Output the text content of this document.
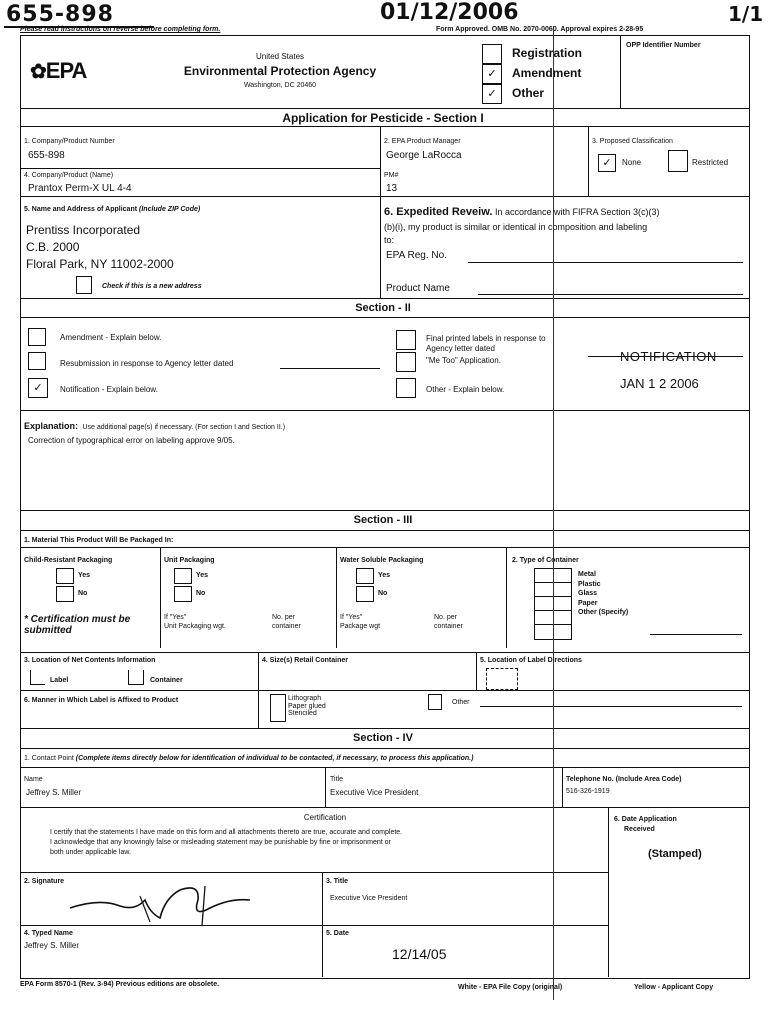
655-898	01/12/2006	1/1
Please read instructions on reverse before completing form.	Form Approved. OMB No. 2070-0060. Approval expires 2-28-95
✿EPA
United States
Environmental Protection Agency
Washington, DC 20460
Registration
✓	Amendment
✓	Other
OPP Identifier Number
Application for Pesticide - Section I
1. Company/Product Number
655-898
2. EPA Product Manager
George LaRocca
3. Proposed Classification
✓	None	Restricted
4. Company/Product (Name)
Prantox Perm-X UL 4-4
PM#
13
5. Name and Address of Applicant (Include ZIP Code)
Prentiss Incorporated
C.B. 2000
Floral Park, NY 11002-2000
Check if this is a new address
6. Expedited Reveiw. In accordance with FIFRA Section 3(c)(3)
(b)(i), my product is similar or identical in composition and labeling
to:
EPA Reg. No.
Product Name
Section - II
Amendment - Explain below.
Resubmission in response to Agency letter dated
✓	Notification - Explain below.
Final printed labels in response to
Agency letter dated
"Me Too" Application.
Other - Explain below.
NOTIFICATION
JAN 1 2 2006
Explanation: Use additional page(s) if necessary. (For section I and Section II.)
Correction of typographical error on labeling approve 9/05.
Section - III
1. Material This Product Will Be Packaged In:
Child-Resistant Packaging
Yes
No
* Certification must be submitted
Unit Packaging
Yes
No
If "Yes"
Unit Packaging wgt.
No. per
container
Water Soluble Packaging
Yes
No
If "Yes"
Package wgt
No. per
container
2. Type of Container
Metal
Plastic
Glass
Paper
Other (Specify)
3. Location of Net Contents Information
Label	Container
4. Size(s) Retail Container	5. Location of Label Directions
6. Manner in Which Label is Affixed to Product	Lithograph
Paper glued
Stenciled
Other
Section - IV
1. Contact Point (Complete items directly below for identification of individual to be contacted, if necessary, to process this application.)
Name
Jeffrey S. Miller
Title
Executive Vice President
Telephone No. (Include Area Code)
516-326-1919
Certification
I certify that the statements I have made on this form and all attachments thereto are true, accurate and complete.
I acknowledge that any knowingly false or misleading statement may be punishable by fine or imprisonment or
both under applicable law.
6. Date Application
Received
(Stamped)
2. Signature	3. Title
Executive Vice President
4. Typed Name
Jeffrey S. Miller
5. Date
12/14/05
EPA Form 8570-1 (Rev. 3-94) Previous editions are obsolete.	White - EPA File Copy (original)	Yellow - Applicant Copy
